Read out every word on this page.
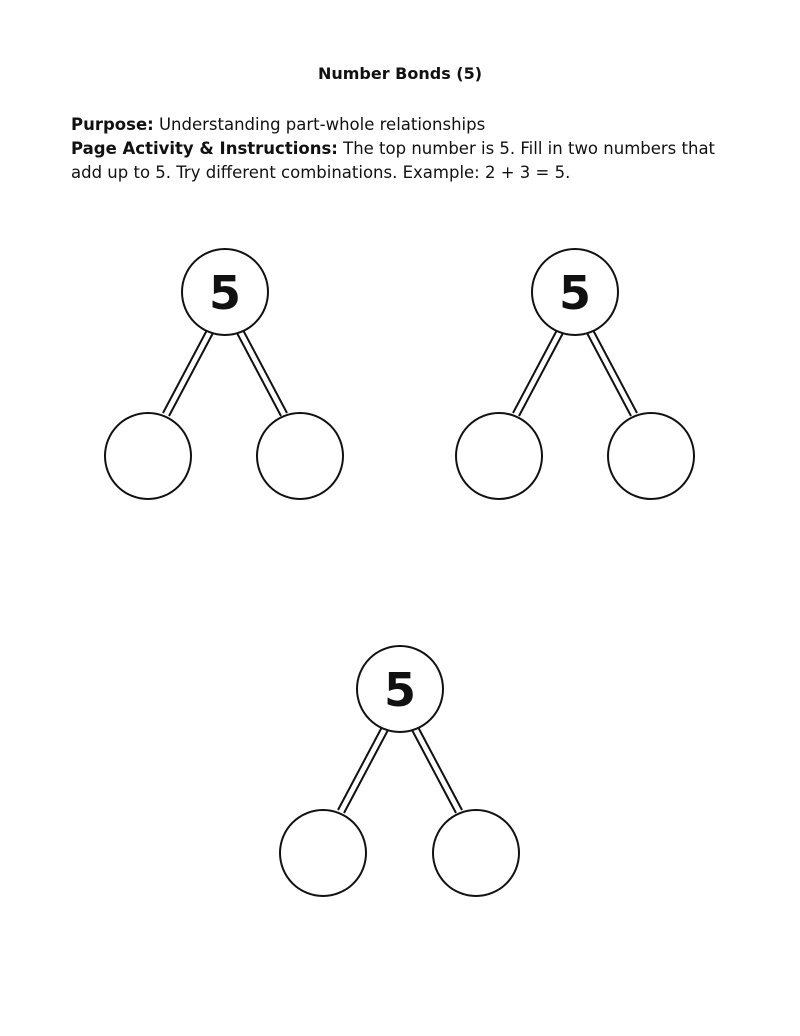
Number Bonds (5)

Purpose: Understanding part-whole relationships

Page Activity & Instructions: The top number is 5. Fill in two numbers that add up to 5. Try different combinations. Example: 2 + 3 = 5.

5	5
5
